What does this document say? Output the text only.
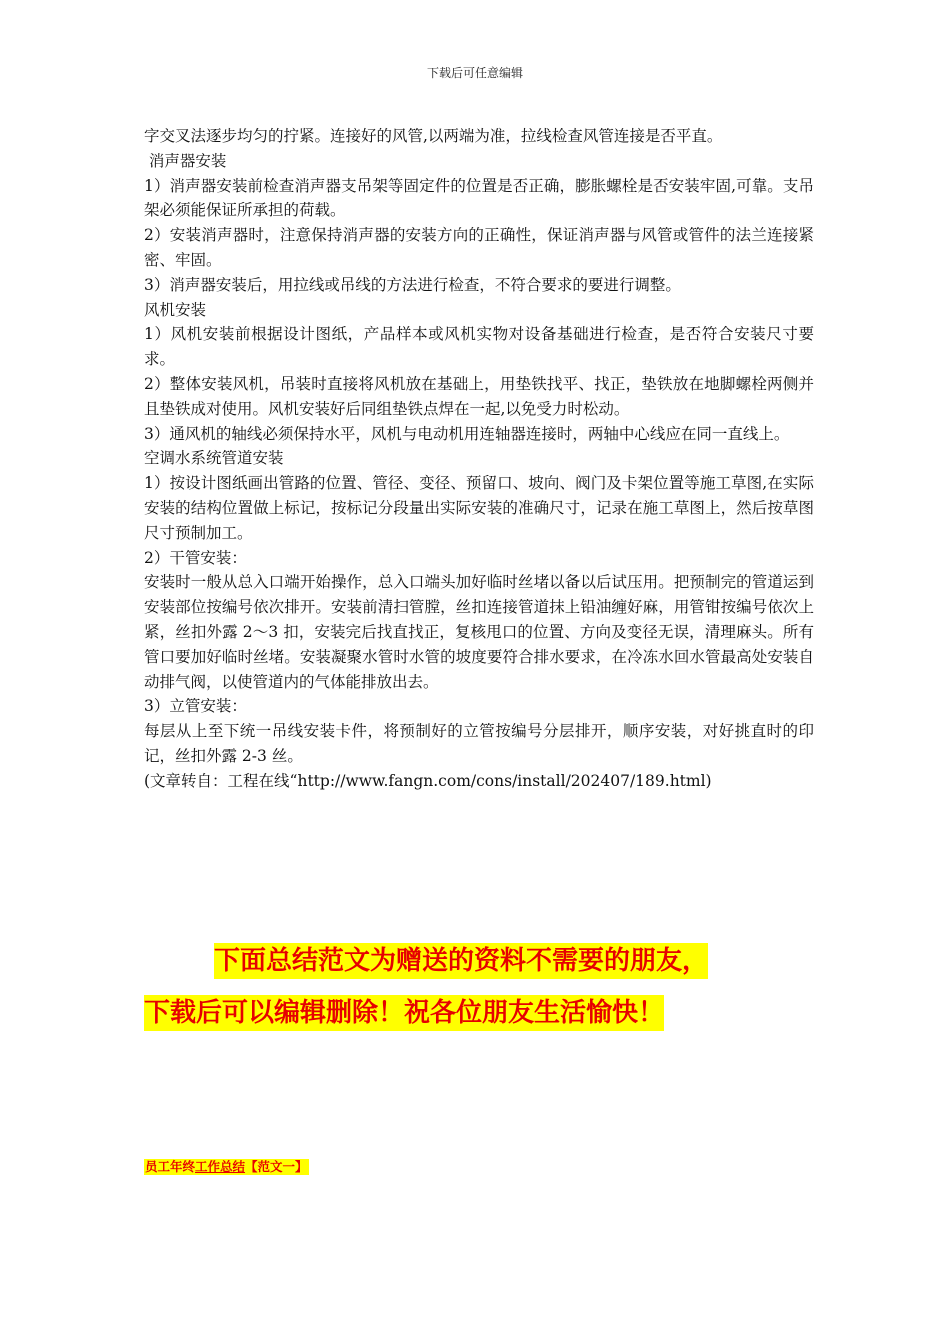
下载后可任意编辑

字交叉法逐步均匀的拧紧。连接好的风管,以两端为准，拉线检查风管连接是否平直。

消声器安装

1）消声器安装前检查消声器支吊架等固定件的位置是否正确，膨胀螺栓是否安装牢固,可靠。支吊架必须能保证所承担的荷载。

2）安装消声器时，注意保持消声器的安装方向的正确性，保证消声器与风管或管件的法兰连接紧密、牢固。

3）消声器安装后，用拉线或吊线的方法进行检查，不符合要求的要进行调整。

风机安装

1）风机安装前根据设计图纸，产品样本或风机实物对设备基础进行检查，是否符合安装尺寸要求。

2）整体安装风机，吊装时直接将风机放在基础上，用垫铁找平、找正，垫铁放在地脚螺栓两侧并且垫铁成对使用。风机安装好后同组垫铁点焊在一起,以免受力时松动。

3）通风机的轴线必须保持水平，风机与电动机用连轴器连接时，两轴中心线应在同一直线上。

空调水系统管道安装

1）按设计图纸画出管路的位置、管径、变径、预留口、坡向、阀门及卡架位置等施工草图,在实际安装的结构位置做上标记，按标记分段量出实际安装的准确尺寸，记录在施工草图上，然后按草图尺寸预制加工。

2）干管安装：

安装时一般从总入口端开始操作，总入口端头加好临时丝堵以备以后试压用。把预制完的管道运到安装部位按编号依次排开。安装前清扫管膛，丝扣连接管道抹上铅油缠好麻，用管钳按编号依次上紧，丝扣外露 2～3 扣，安装完后找直找正，复核甩口的位置、方向及变径无误，清理麻头。所有管口要加好临时丝堵。安装凝聚水管时水管的坡度要符合排水要求，在冷冻水回水管最高处安装自动排气阀，以使管道内的气体能排放出去。

3）立管安装：

每层从上至下统一吊线安装卡件，将预制好的立管按编号分层排开，顺序安装，对好挑直时的印记，丝扣外露 2-3 丝。

(文章转自：工程在线“http://www.fangn.com/cons/install/202407/189.html)

下面总结范文为赠送的资料不需要的朋友，
下载后可以编辑删除！祝各位朋友生活愉快！
员工年终工作总结【范文一】
